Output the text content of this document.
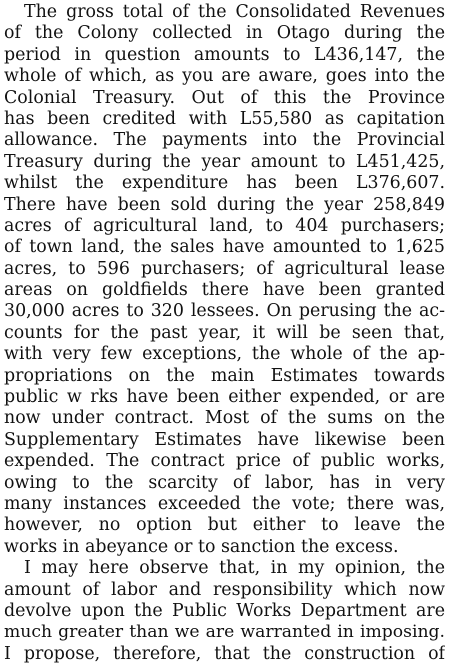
The gross total of the Consolidated Revenues
of the Colony collected in Otago during the
period in question amounts to L436,147, the
whole of which, as you are aware, goes into the
Colonial Treasury. Out of this the Province
has been credited with L55,580 as capitation
allowance. The payments into the Provincial
Treasury during the year amount to L451,425,
whilst the expenditure has been L376,607.
There have been sold during the year 258,849
acres of agricultural land, to 404 purchasers;
of town land, the sales have amounted to 1,625
acres, to 596 purchasers; of agricultural lease
areas on goldfields there have been granted
30,000 acres to 320 lessees. On perusing the ac-
counts for the past year, it will be seen that,
with very few exceptions, the whole of the ap-
propriations on the main Estimates towards
public w rks have been either expended, or are
now under contract. Most of the sums on the
Supplementary Estimates have likewise been
expended. The contract price of public works,
owing to the scarcity of labor, has in very
many instances exceeded the vote; there was,
however, no option but either to leave the
works in abeyance or to sanction the excess.
I may here observe that, in my opinion, the
amount of labor and responsibility which now
devolve upon the Public Works Department are
much greater than we are warranted in imposing.
I propose, therefore, that the construction of
